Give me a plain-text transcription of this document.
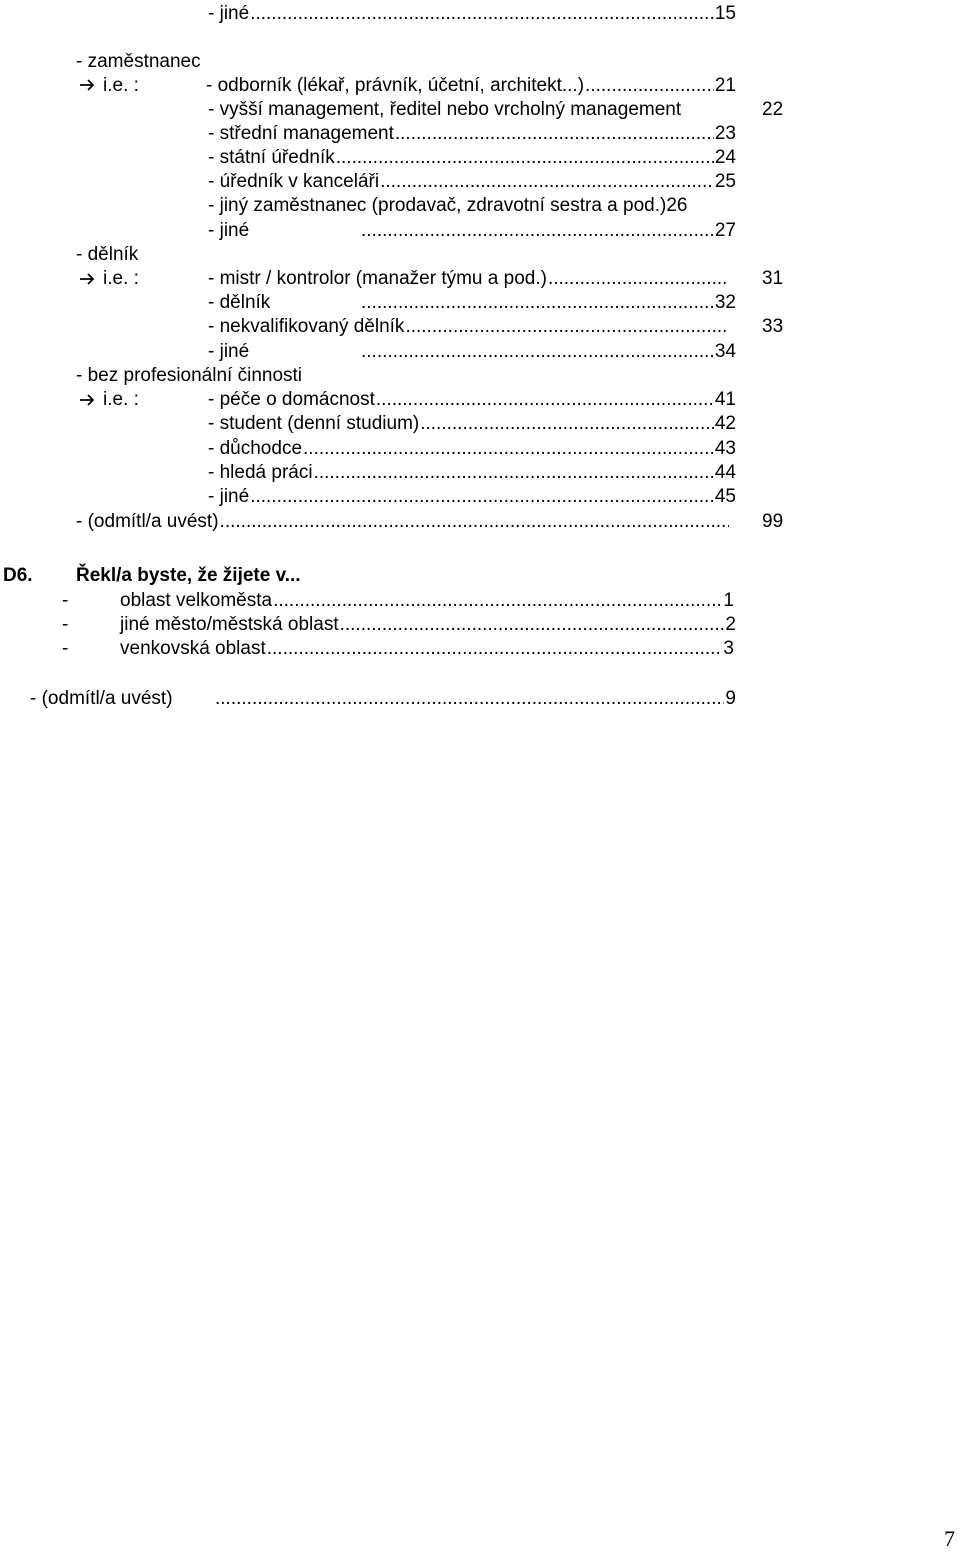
- jiné .....	15
- zaměstnanec
i.e. :	- odborník (lékař, právník, účetní, architekt...) .....	21
- vyšší management, ředitel nebo vrcholný management	22
- střední management .....	23
- státní úředník .....	24
- úředník v kanceláři .....	25
- jiný zaměstnanec (prodavač, zdravotní sestra a pod.) 26
- jiné .....	27
- dělník
i.e. :	- mistr / kontrolor (manažer týmu a pod.) .....	31
- dělník .....	32
- nekvalifikovaný dělník .....	33
- jiné .....	34
- bez profesionální činnosti
i.e. :	- péče o domácnost .....	41
- student (denní studium) .....	42
- důchodce .....	43
- hledá práci .....	44
- jiné .....	45
- (odmítl/a uvést) .....	99
D6. Řekl/a byste, že žijete v...
-	oblast velkoměsta .....	1
-	jiné město/městská oblast .....	2
-	venkovská oblast .....	3
- (odmítl/a uvést) .....	9
7
